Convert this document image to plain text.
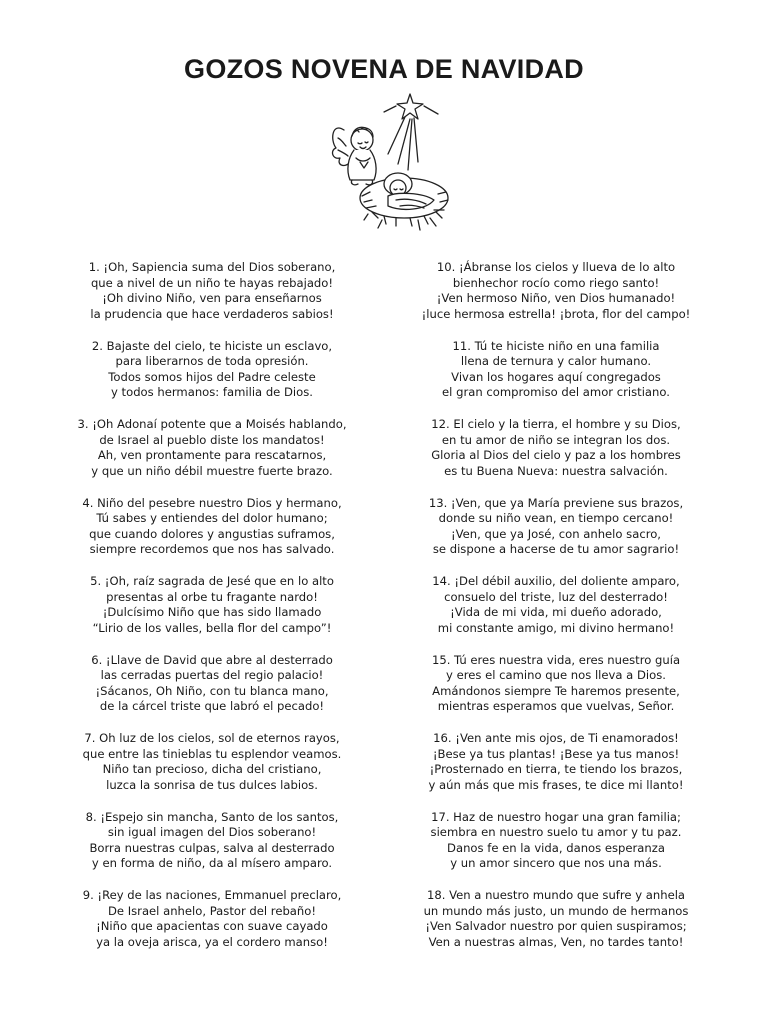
GOZOS NOVENA DE NAVIDAD
1. ¡Oh, Sapiencia suma del Dios soberano,
que a nivel de un niño te hayas rebajado!
¡Oh divino Niño, ven para enseñarnos
la prudencia que hace verdaderos sabios!
2. Bajaste del cielo, te hiciste un esclavo,
para liberarnos de toda opresión.
Todos somos hijos del Padre celeste
y todos hermanos: familia de Dios.
3. ¡Oh Adonaí potente que a Moisés hablando,
de Israel al pueblo diste los mandatos!
Ah, ven prontamente para rescatarnos,
y que un niño débil muestre fuerte brazo.
4. Niño del pesebre nuestro Dios y hermano,
Tú sabes y entiendes del dolor humano;
que cuando dolores y angustias suframos,
siempre recordemos que nos has salvado.
5. ¡Oh, raíz sagrada de Jesé que en lo alto
presentas al orbe tu fragante nardo!
¡Dulcísimo Niño que has sido llamado
“Lirio de los valles, bella flor del campo”!
6. ¡Llave de David que abre al desterrado
las cerradas puertas del regio palacio!
¡Sácanos, Oh Niño, con tu blanca mano,
de la cárcel triste que labró el pecado!
7. Oh luz de los cielos, sol de eternos rayos,
que entre las tinieblas tu esplendor veamos.
Niño tan precioso, dicha del cristiano,
luzca la sonrisa de tus dulces labios.
8. ¡Espejo sin mancha, Santo de los santos,
sin igual imagen del Dios soberano!
Borra nuestras culpas, salva al desterrado
y en forma de niño, da al mísero amparo.
9. ¡Rey de las naciones, Emmanuel preclaro,
De Israel anhelo, Pastor del rebaño!
¡Niño que apacientas con suave cayado
ya la oveja arisca, ya el cordero manso!
10. ¡Ábranse los cielos y llueva de lo alto
bienhechor rocío como riego santo!
¡Ven hermoso Niño, ven Dios humanado!
¡luce hermosa estrella! ¡brota, flor del campo!
11. Tú te hiciste niño en una familia
llena de ternura y calor humano.
Vivan los hogares aquí congregados
el gran compromiso del amor cristiano.
12. El cielo y la tierra, el hombre y su Dios,
en tu amor de niño se integran los dos.
Gloria al Dios del cielo y paz a los hombres
es tu Buena Nueva: nuestra salvación.
13. ¡Ven, que ya María previene sus brazos,
donde su niño vean, en tiempo cercano!
¡Ven, que ya José, con anhelo sacro,
se dispone a hacerse de tu amor sagrario!
14. ¡Del débil auxilio, del doliente amparo,
consuelo del triste, luz del desterrado!
¡Vida de mi vida, mi dueño adorado,
mi constante amigo, mi divino hermano!
15. Tú eres nuestra vida, eres nuestro guía
y eres el camino que nos lleva a Dios.
Amándonos siempre Te haremos presente,
mientras esperamos que vuelvas, Señor.
16. ¡Ven ante mis ojos, de Ti enamorados!
¡Bese ya tus plantas! ¡Bese ya tus manos!
¡Prosternado en tierra, te tiendo los brazos,
y aún más que mis frases, te dice mi llanto!
17. Haz de nuestro hogar una gran familia;
siembra en nuestro suelo tu amor y tu paz.
Danos fe en la vida, danos esperanza
y un amor sincero que nos una más.
18. Ven a nuestro mundo que sufre y anhela
un mundo más justo, un mundo de hermanos
¡Ven Salvador nuestro por quien suspiramos;
Ven a nuestras almas, Ven, no tardes tanto!
